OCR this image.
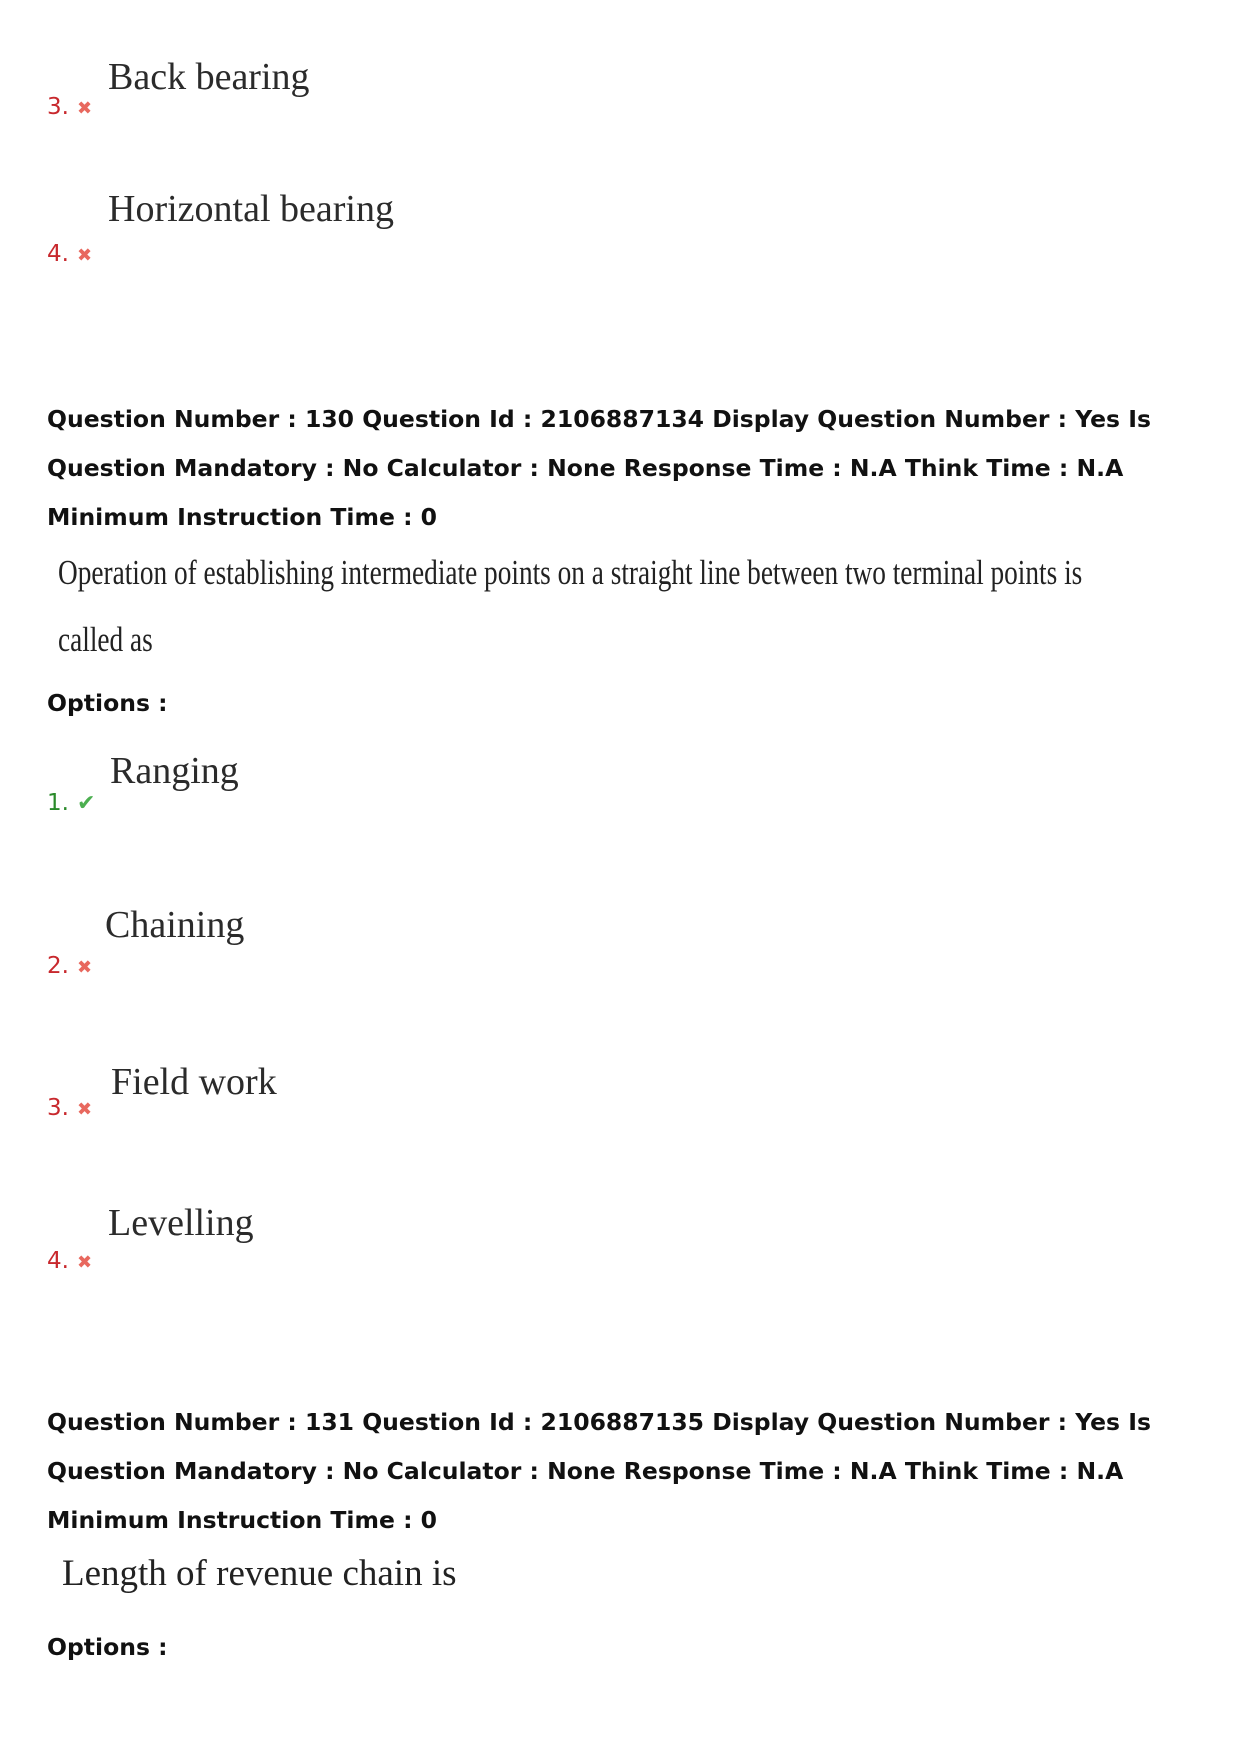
Back bearing
3. ✖
Horizontal bearing
4. ✖
Question Number : 130 Question Id : 2106887134 Display Question Number : Yes Is Question Mandatory : No Calculator : None Response Time : N.A Think Time : N.A Minimum Instruction Time : 0
Operation of establishing intermediate points on a straight line between two terminal points is
called as
Options :
Ranging
1. ✔
Chaining
2. ✖
Field work
3. ✖
Levelling
4. ✖
Question Number : 131 Question Id : 2106887135 Display Question Number : Yes Is Question Mandatory : No Calculator : None Response Time : N.A Think Time : N.A Minimum Instruction Time : 0
Length of revenue chain is
Options :
